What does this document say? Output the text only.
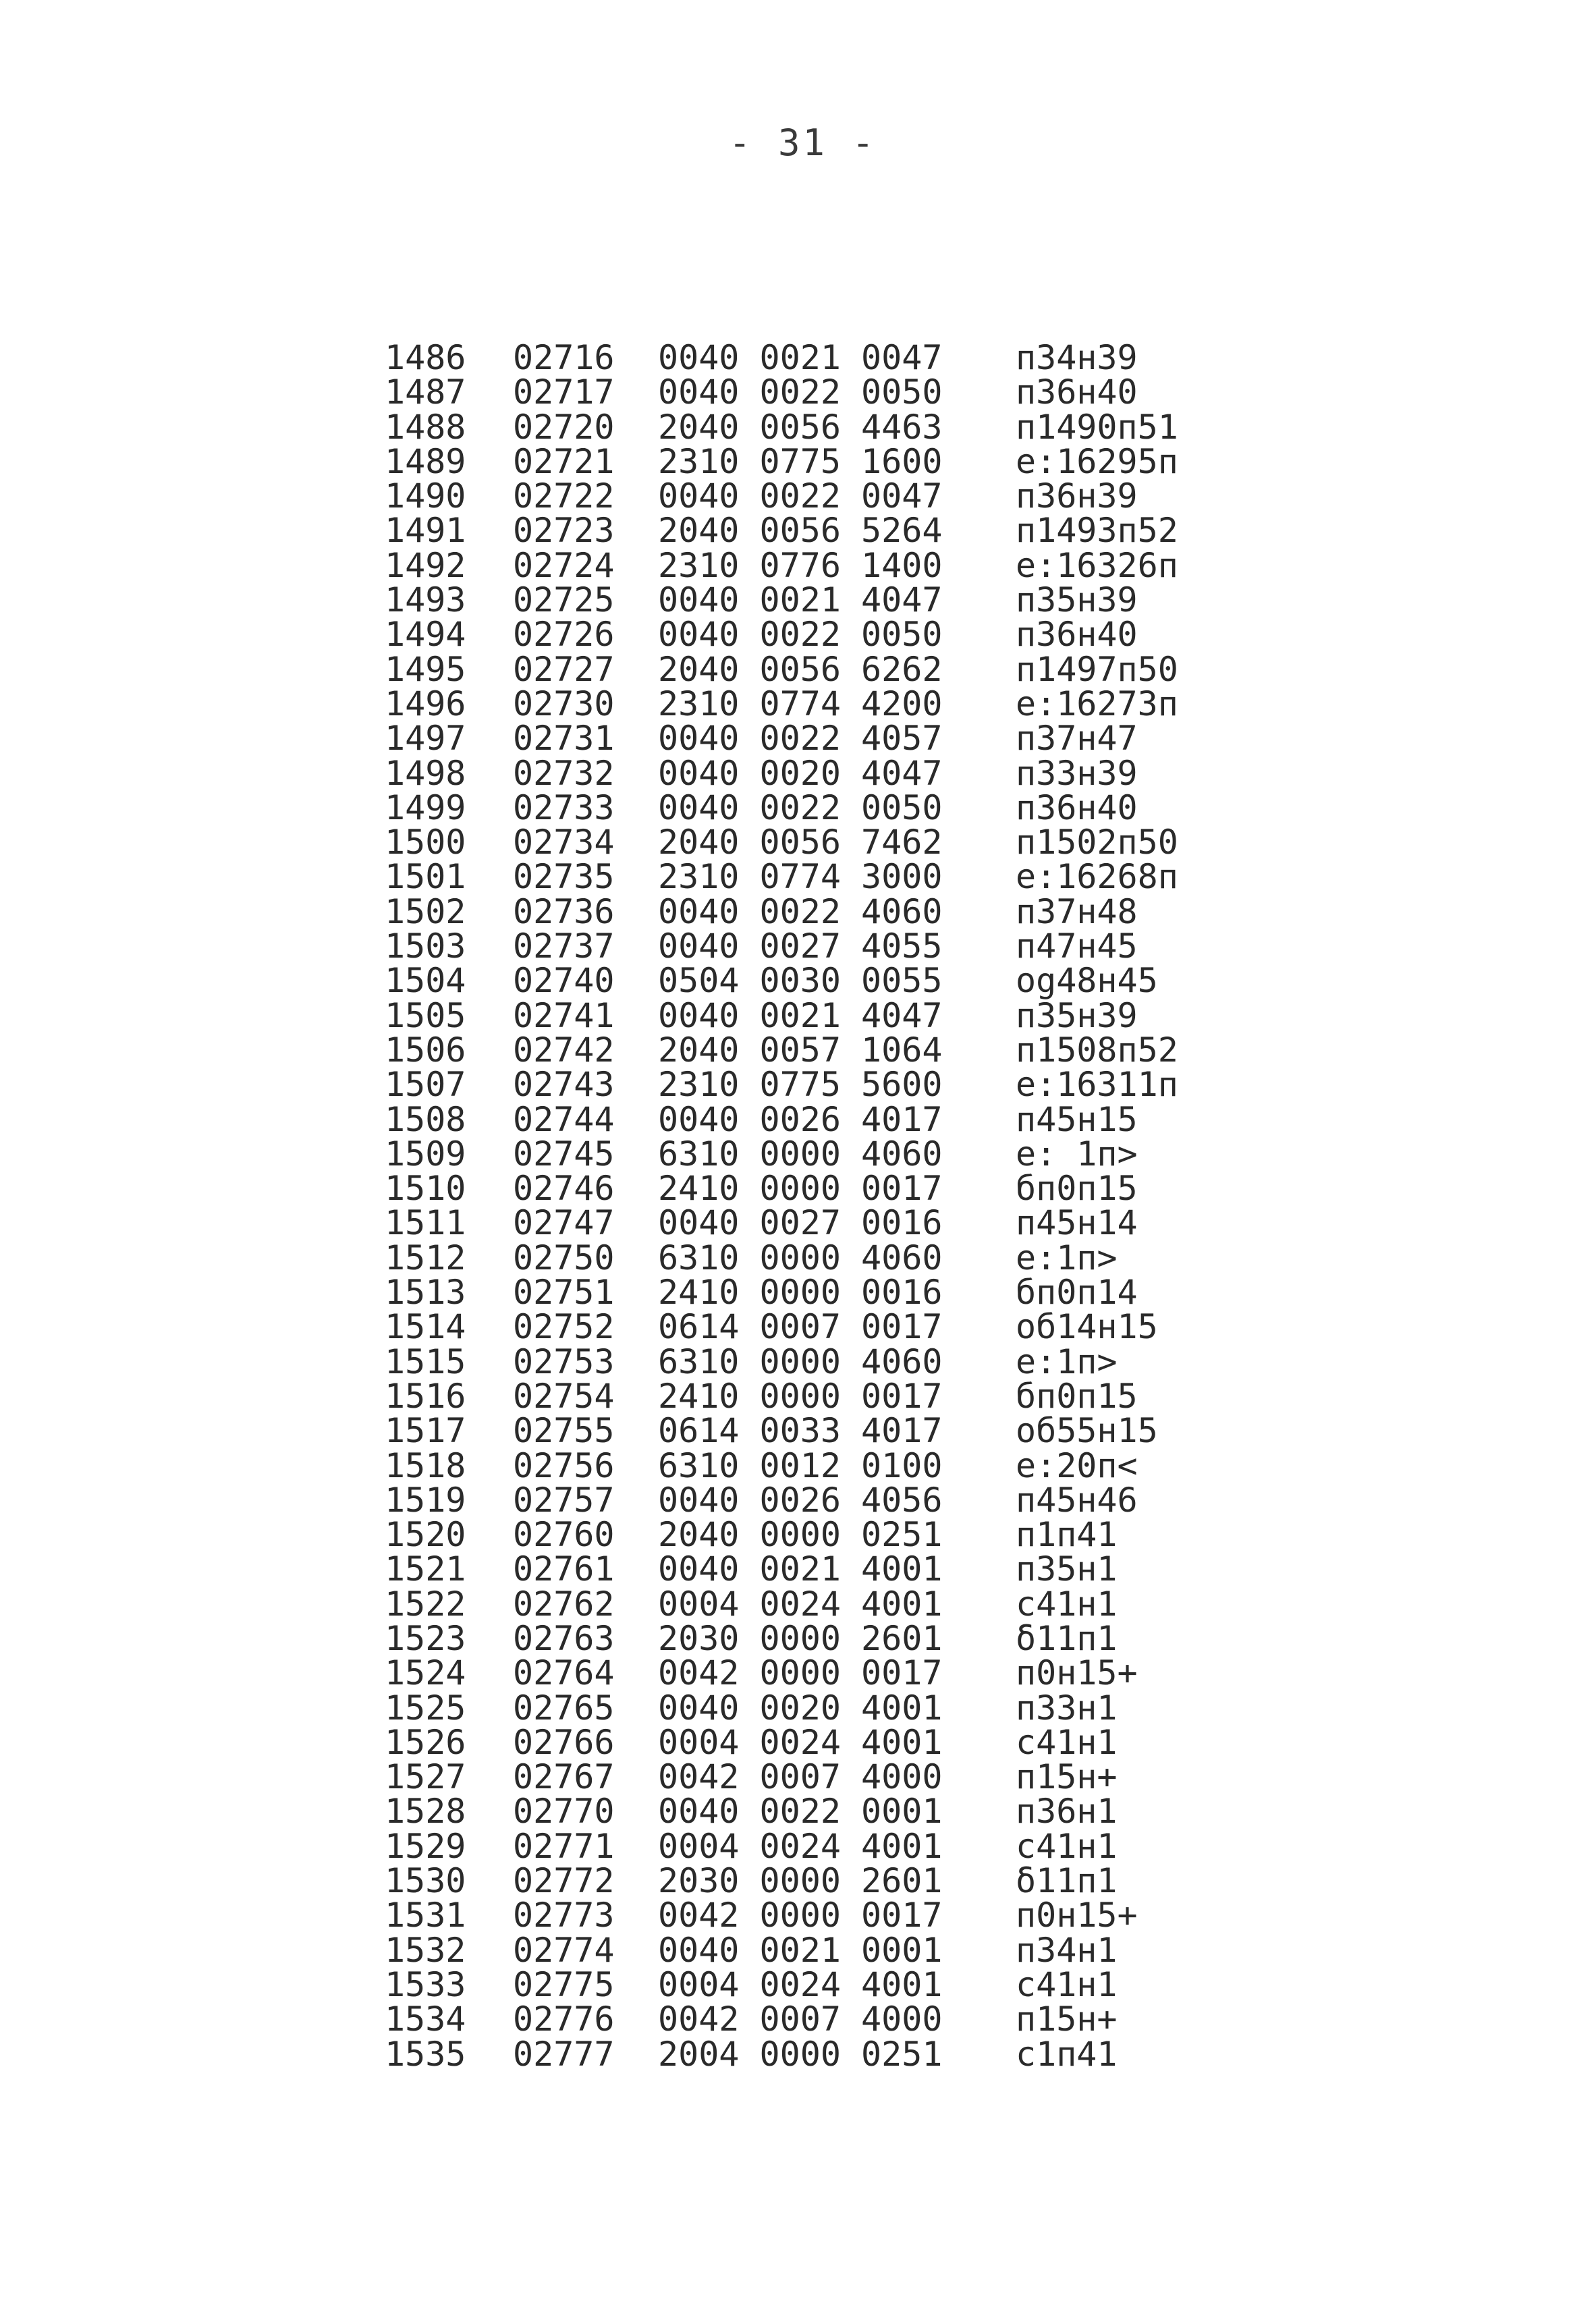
- 31 -
1486	02716	0040 0021 0047	п34н39
1487	02717	0040 0022 0050	п36н40
1488	02720	2040 0056 4463	п1490п51
1489	02721	2310 0775 1600	е:16295п
1490	02722	0040 0022 0047	п36н39
1491	02723	2040 0056 5264	п1493п52
1492	02724	2310 0776 1400	е:16326п
1493	02725	0040 0021 4047	п35н39
1494	02726	0040 0022 0050	п36н40
1495	02727	2040 0056 6262	п1497п50
1496	02730	2310 0774 4200	е:16273п
1497	02731	0040 0022 4057	п37н47
1498	02732	0040 0020 4047	п33н39
1499	02733	0040 0022 0050	п36н40
1500	02734	2040 0056 7462	п1502п50
1501	02735	2310 0774 3000	е:16268п
1502	02736	0040 0022 4060	п37н48
1503	02737	0040 0027 4055	п47н45
1504	02740	0504 0030 0055	оg48н45
1505	02741	0040 0021 4047	п35н39
1506	02742	2040 0057 1064	п1508п52
1507	02743	2310 0775 5600	е:16311п
1508	02744	0040 0026 4017	п45н15
1509	02745	6310 0000 4060	е: 1п>
1510	02746	2410 0000 0017	бп0п15
1511	02747	0040 0027 0016	п45н14
1512	02750	6310 0000 4060	е:1п>
1513	02751	2410 0000 0016	бп0п14
1514	02752	0614 0007 0017	об14н15
1515	02753	6310 0000 4060	е:1п>
1516	02754	2410 0000 0017	бп0п15
1517	02755	0614 0033 4017	об55н15
1518	02756	6310 0012 0100	е:20п<
1519	02757	0040 0026 4056	п45н46
1520	02760	2040 0000 0251	п1п41
1521	02761	0040 0021 4001	п35н1
1522	02762	0004 0024 4001	с41н1
1523	02763	2030 0000 2601	δ11п1
1524	02764	0042 0000 0017	п0н15+
1525	02765	0040 0020 4001	п33н1
1526	02766	0004 0024 4001	с41н1
1527	02767	0042 0007 4000	п15н+
1528	02770	0040 0022 0001	п36н1
1529	02771	0004 0024 4001	с41н1
1530	02772	2030 0000 2601	δ11п1
1531	02773	0042 0000 0017	п0н15+
1532	02774	0040 0021 0001	п34н1
1533	02775	0004 0024 4001	с41н1
1534	02776	0042 0007 4000	п15н+
1535	02777	2004 0000 0251	с1п41
